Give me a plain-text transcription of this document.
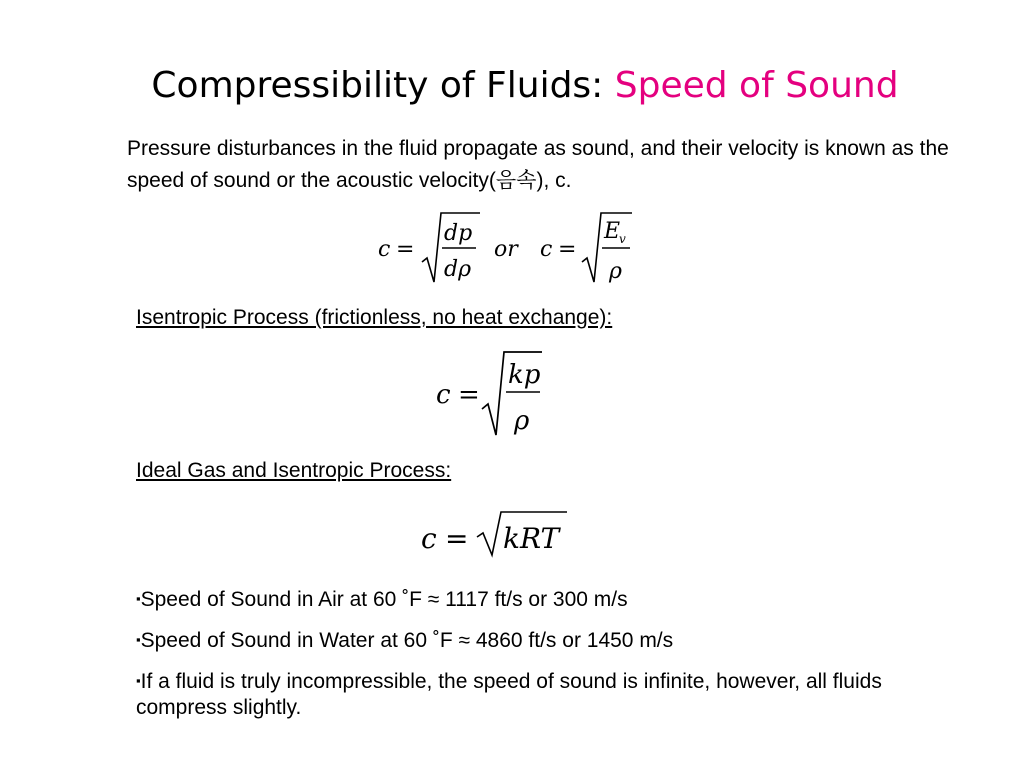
Compressibility of Fluids: Speed of Sound
Pressure disturbances in the fluid propagate as sound, and their velocity is known as the speed of sound or the acoustic velocity(음속), c.
c =
dp
dρ
or c =
E
v
ρ
Isentropic Process (frictionless, no heat exchange):
c =
kp
ρ
Ideal Gas and Isentropic Process:
c = kRT
▪Speed of Sound in Air at 60 ˚F ≈ 1117 ft/s or 300 m/s
▪Speed of Sound in Water at 60 ˚F ≈ 4860 ft/s or 1450 m/s
▪If a fluid is truly incompressible, the speed of sound is infinite, however, all fluids compress slightly.
